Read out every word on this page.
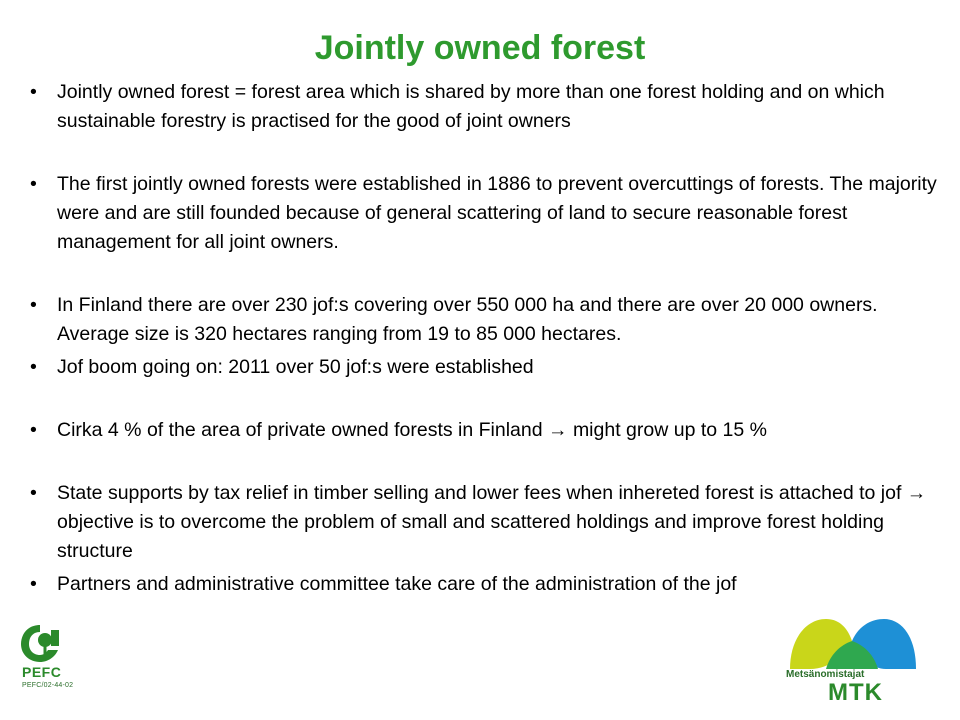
Jointly owned forest
• Jointly owned forest = forest area which is shared by more than one forest holding and on which sustainable forestry is practised for the good of joint owners
• The first jointly owned forests were established in 1886 to prevent overcuttings of forests. The majority were and are still founded because of general scattering of land to secure reasonable forest management for all joint owners.
• In Finland there are over 230 jof:s covering over 550 000 ha and there are over 20 000 owners. Average size is 320 hectares ranging from 19 to 85 000 hectares.
• Jof boom going on: 2011 over 50 jof:s were established
• Cirka 4 % of the area of private owned forests in Finland → might grow up to 15 %
• State supports by tax relief in timber selling and lower fees when inhereted forest is attached to jof → objective is to overcome the problem of small and scattered holdings and improve forest holding structure
• Partners and administrative committee take care of the administration of the jof
PEFC
PEFC/02-44-02
Metsänomistajat
MTK
